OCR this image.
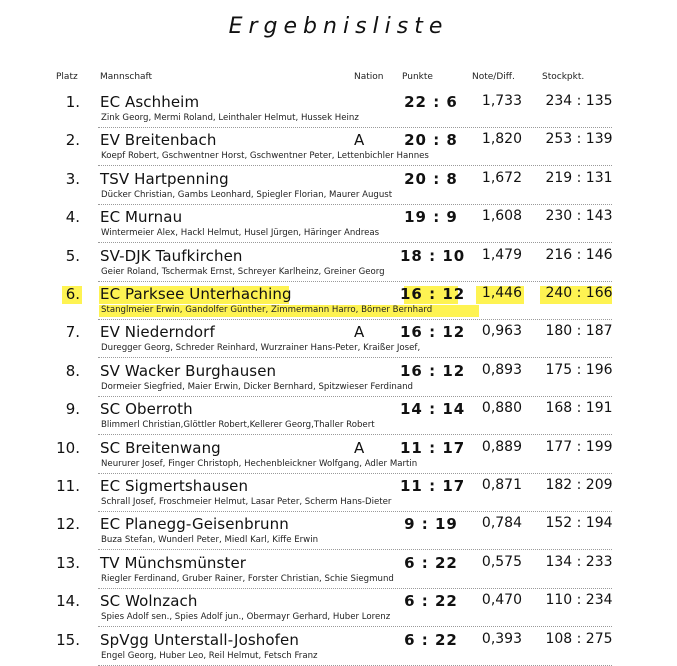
Ergebnisliste
Platz Mannschaft	Nation Punkte	Note/Diff.	Stockpkt.
1. EC Aschheim	22 : 6	1,733	234 : 135
Zink Georg, Mermi Roland, Leinthaler Helmut, Hussek Heinz
2. EV Breitenbach	A	20 : 8	1,820	253 : 139
Koepf Robert, Gschwentner Horst, Gschwentner Peter, Lettenbichler Hannes
3. TSV Hartpenning	20 : 8	1,672	219 : 131
Dücker Christian, Gambs Leonhard, Spiegler Florian, Maurer August
4. EC Murnau	19 : 9	1,608	230 : 143
Wintermeier Alex, Hackl Helmut, Husel Jürgen, Häringer Andreas
5. SV-DJK Taufkirchen	18 : 10	1,479	216 : 146
Geier Roland, Tschermak Ernst, Schreyer Karlheinz, Greiner Georg
6. EC Parksee Unterhaching	16 : 12	1,446	240 : 166
Stanglmeier Erwin, Gandolfer Günther, Zimmermann Harro, Börner Bernhard
7. EV Niederndorf	A 16 : 12	0,963	180 : 187
Duregger Georg, Schreder Reinhard, Wurzrainer Hans-Peter, Kraißer Josef,
8. SV Wacker Burghausen	16 : 12	0,893	175 : 196
Dormeier Siegfried, Maier Erwin, Dicker Bernhard, Spitzwieser Ferdinand
9. SC Oberroth	14 : 14	0,880	168 : 191
Blimmerl Christian,Glöttler Robert,Kellerer Georg,Thaller Robert
10. SC Breitenwang	A 11 : 17	0,889	177 : 199
Neururer Josef, Finger Christoph, Hechenbleickner Wolfgang, Adler Martin
11. EC Sigmertshausen	11 : 17	0,871	182 : 209
Schrall Josef, Froschmeier Helmut, Lasar Peter, Scherm Hans-Dieter
12. EC Planegg-Geisenbrunn	9 : 19	0,784	152 : 194
Buza Stefan, Wunderl Peter, Miedl Karl, Kiffe Erwin
13. TV Münchsmünster	6 : 22	0,575	134 : 233
Riegler Ferdinand, Gruber Rainer, Forster Christian, Schie Siegmund
14. SC Wolnzach	6 : 22	0,470	110 : 234
Spies Adolf sen., Spies Adolf jun., Obermayr Gerhard, Huber Lorenz
15. SpVgg Unterstall-Joshofen	6 : 22	0,393	108 : 275
Engel Georg, Huber Leo, Reil Helmut, Fetsch Franz
